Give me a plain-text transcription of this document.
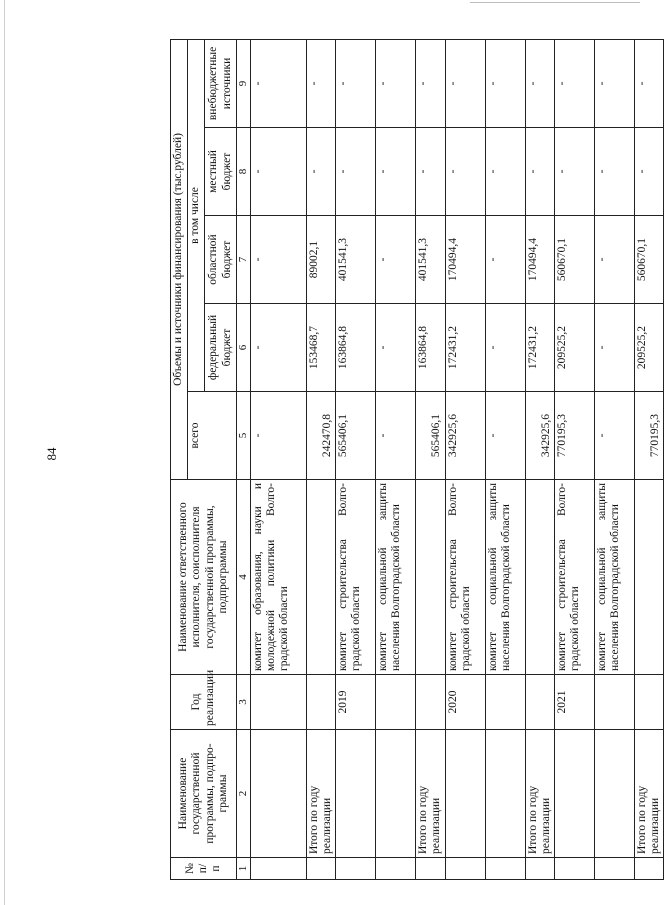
84
№ п/п	Наименование государственной программы, подпро-граммы	Год реализации	Наименование ответственного исполнителя, соисполнителя государственной программы, подпрограммы	Объемы и источники финансирования (тыс.рублей)				
				всего	в том числе			
					федеральный бюджет	областной бюджет	местный бюджет	внебюджетные источники
1	2	3	4	5	6	7	8	9
			комитет образования, науки и молодежной политики Волго-градской области	-	-	-	-	-
	Итого по году реализации			242470,8	153468,7	89002,1	-	-
		2019	комитет строительства Волго-градской области	565406,1	163864,8	401541,3	-	-
			комитет социальной защиты населения Волгоградской области	-	-	-	-	-
	Итого по году реализации			565406,1	163864,8	401541,3	-	-
		2020	комитет строительства Волго-градской области	342925,6	172431,2	170494,4	-	-
			комитет социальной защиты населения Волгоградской области	-	-	-	-	-
	Итого по году реализации			342925,6	172431,2	170494,4	-	-
		2021	комитет строительства Волго-градской области	770195,3	209525,2	560670,1	-	-
			комитет социальной защиты населения Волгоградской области	-	-	-	-	-
	Итого по году реализации			770195,3	209525,2	560670,1	-	-
